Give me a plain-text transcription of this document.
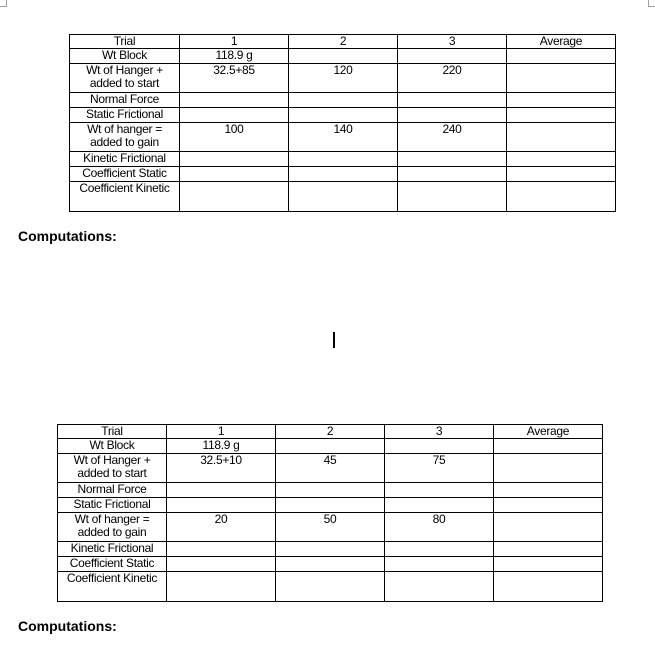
Trial	1	2	3	Average
Wt Block	118.9 g			
Wt of Hanger + added to start	32.5+85	120	220	
Normal Force				
Static Frictional				
Wt of hanger = added to gain	100	140	240	
Kinetic Frictional				
Coefficient Static				
Coefficient Kinetic				
Computations:
Trial	1	2	3	Average
Wt Block	118.9 g			
Wt of Hanger + added to start	32.5+10	45	75	
Normal Force				
Static Frictional				
Wt of hanger = added to gain	20	50	80	
Kinetic Frictional				
Coefficient Static				
Coefficient Kinetic				
Computations:
